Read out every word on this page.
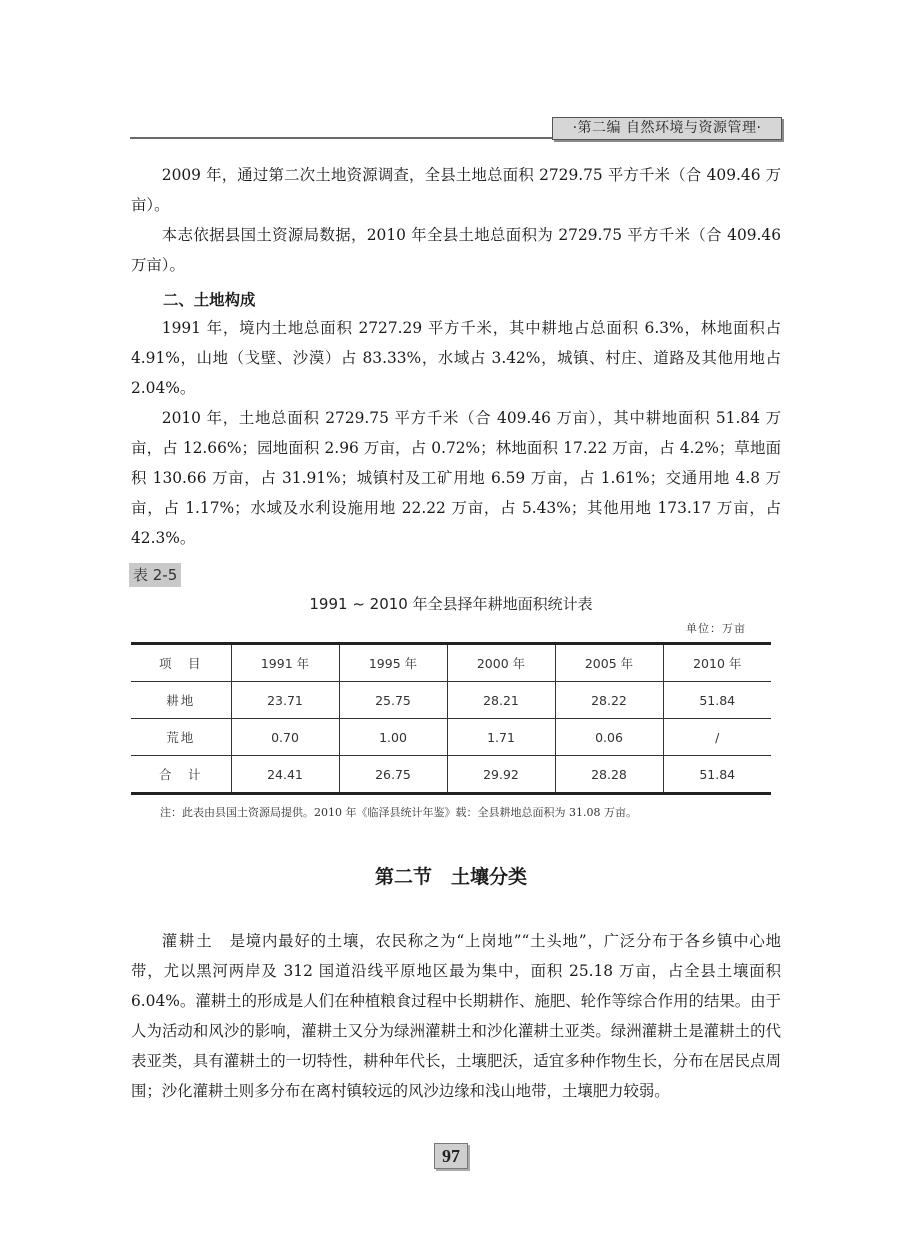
·第二编 自然环境与资源管理·

2009 年，通过第二次土地资源调查，全县土地总面积 2729.75 平方千米（合 409.46 万亩）。

本志依据县国土资源局数据，2010 年全县土地总面积为 2729.75 平方千米（合 409.46 万亩）。

二、土地构成

1991 年，境内土地总面积 2727.29 平方千米，其中耕地占总面积 6.3%，林地面积占 4.91%，山地（戈壁、沙漠）占 83.33%，水域占 3.42%，城镇、村庄、道路及其他用地占 2.04%。

2010 年，土地总面积 2729.75 平方千米（合 409.46 万亩），其中耕地面积 51.84 万亩，占 12.66%；园地面积 2.96 万亩，占 0.72%；林地面积 17.22 万亩，占 4.2%；草地面积 130.66 万亩，占 31.91%；城镇村及工矿用地 6.59 万亩，占 1.61%；交通用地 4.8 万亩，占 1.17%；水域及水利设施用地 22.22 万亩，占 5.43%；其他用地 173.17 万亩，占 42.3%。

表 2-5
1991 ~ 2010 年全县择年耕地面积统计表
单位：万亩
项　目	1991 年	1995 年	2000 年	2005 年	2010 年
耕地	23.71	25.75	28.21	28.22	51.84
荒地	0.70	1.00	1.71	0.06	/
合　计	24.41	26.75	29.92	28.28	51.84
注：此表由县国土资源局提供。2010 年《临泽县统计年鉴》载：全县耕地总面积为 31.08 万亩。
第二节　土壤分类

灌耕土　 是境内最好的土壤，农民称之为“上岗地”“土头地”，广泛分布于各乡镇中心地带，尤以黑河两岸及 312 国道沿线平原地区最为集中，面积 25.18 万亩，占全县土壤面积 6.04%。灌耕土的形成是人们在种植粮食过程中长期耕作、施肥、轮作等综合作用的结果。由于人为活动和风沙的影响，灌耕土又分为绿洲灌耕土和沙化灌耕土亚类。绿洲灌耕土是灌耕土的代表亚类，具有灌耕土的一切特性，耕种年代长，土壤肥沃，适宜多种作物生长，分布在居民点周围；沙化灌耕土则多分布在离村镇较远的风沙边缘和浅山地带，土壤肥力较弱。

97
